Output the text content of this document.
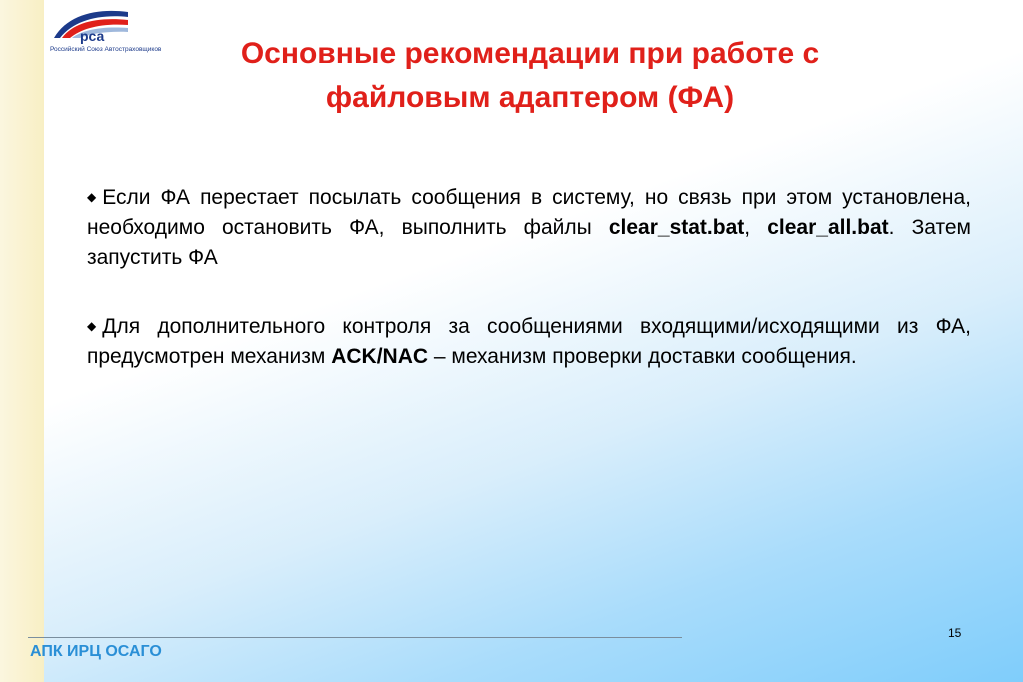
рса
Российский Союз Автостраховщиков	Основные рекомендации при работе с файловым адаптером (ФА)

◆ Если ФА перестает посылать сообщения в систему, но связь при этом установлена, необходимо остановить ФА, выполнить файлы clear_stat.bat, clear_all.bat. Затем запустить ФА

◆ Для дополнительного контроля за сообщениями входящими/исходящими из ФА, предусмотрен механизм ACK/NAC – механизм проверки доставки сообщения.

АПК ИРЦ ОСАГО
15
